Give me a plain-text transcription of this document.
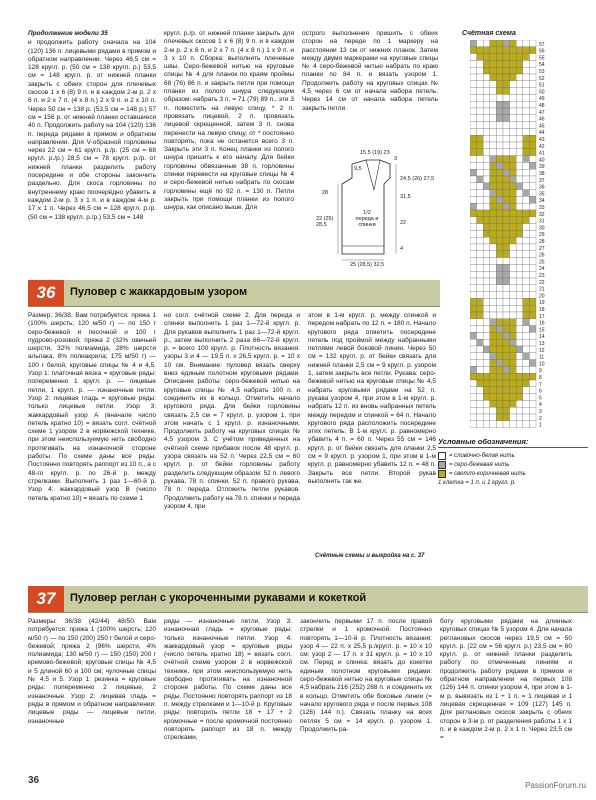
Продолжение модели 35

и продолжить работу сначала на 104 (120) 136 п. лицевыми рядами в прямом и обратном направлении. Через 46,5 см = 128 кругл. р. (50 см = 138 кругл. р.) 53,5 см = 148 кругл. р. от нижней планки закрыть с обеих сторон для плечевых скосов 1 x 6 (8) 9 п. и в каждом 2-м р. 2 x 6 п. и 2 x 7 п. (4 x 8 п.) 2 x 9 п. и 2 x 10 п. Через 50 см = 138 р. (53,5 см = 148 р.) 57 см = 156 р. от нижней планки оставшиеся 40 п. Продолжить работу на 104 (120) 136 п. переда рядами в прямом и обратном направлении. Для V-образной горловины через 22 см = 61 кругл. р./р. (25 см = 68 кругл. р./р.) 28,5 см = 78 кругл. р./р. от нижней планки разделить работу посередине и обе стороны закончить раздельно. Для скоса горловины по внутреннему краю поочерёдно убавить в каждом 2-м р. 3 x 1 п. и в каждом 4-м р. 17 x 1 п. Через 46,5 см = 128 кругл. р./р. (50 см = 138 кругл. р./р.) 53,5 см = 148

кругл. р./р. от нижней планки закрыть для плечевых скосов 1 x 6 (8) 9 п. и в каждом 2-м р. 2 x 6 п. и 2 x 7 п. (4 x 8 п.) 1 x 9 п. и 3 x 10 п. Сборка: выполнить плечевые швы. Серо-бежевой нитью на круговые спицы № 4 для планок по краям проймы 68 (76) 86 п. и закрыть петли при помощи планки из полого шнура следующим образом: набрать 3 п. = 71 (79) 89 п., эти 3 п. поместить на левую спицу, * 2 п. провязать лицевой, 2 п. провязать лицевой скрещенной, затем 3 п. снова перенести на левую спицу, от * постоянно повторять, пока не останется всего 3 п. Закрыть эти 3 п. Конец планки из полого шнура пришить к его началу. Для бейки горловины обвязанные 38 п. горловины спинки перевести на круговые спицы № 4 и серо-бежевой нитью набрать по скосам горловины ещё по 92 п. = 130 п. Петли закрыть при помощи планки из полого шнура, как описано выше. Для

острого выполнения пришить с обеих сторон на переде по 1 маркеру на расстоянии 13 см от нижних планок. Затем между двумя маркерами на круговые спицы № 4 серо-бежевой нитью набрать по краю планки по 84 п. и вязать узором 1. Продолжить работу на круговых спицах № 4,5 через 6 см от начала набора петель. Через 14 см от начала набора петель закрыть петли.

15,5 (19) 23
9,5
3
24,5 (26) 27,5
28
31,5
22 (25) 28,5	22
4
1/2 переда и спинки
25 (28,5) 32,5
36	Пуловер с жаккардовым узором

Размер: 36/38. Вам потребуется: пряжа 1 (100% шерсть; 120 м/50 г) — по 150 г серо-бежевой и песочной и 100 г пудрово-розовой; пряжа 2 (32% овечьей шерсти, 32% полиамида, 28% шерсти альпака, 8% полиакрила; 175 м/50 г) — 100 г белой; круговые спицы № 4 и 4,5. Узор 1: платочная вязка = круговые ряды: попеременно 1 кругл. р. — лицевые петли, 1 кругл. р. — изнаночные петли. Узор 2: лицевая гладь = круговые ряды: только лицевые петли. Узор 3: жаккардовый узор А (вначале число петель кратно 10) = вязать согл. счётной схеме 1 узором 2 в норвежской технике, при этом неиспользуемую нить свободно протягивать на изнаночной стороне работы. По схеме даны все ряды. Постоянно повторять раппорт из 10 п., а с 48-го кругл. р. по 26-й р. между стрелками. Выполнить 1 раз 1—60-й р. Узор 4: жаккардовый узор В (число петель кратно 10) = вязать по схеме 1

но согл. счётной схеме 2. Для переда и спинки выполнить 1 раз 1—72-й кругл. р. Для рукавов выполнить 1 раз 1—72-й кругл. р., затем выполнить 2 раза 66—72-й кругл. р. = всего 100 кругл. р. Плотность вязания: узоры 3 и 4 — 19,5 п. x 26,5 кругл. р. = 10 x 10 см. Внимание: пуловер вязать сверху вниз единым полотном круговыми рядами. Описание работы: серо-бежевой нитью на круговые спицы № 4,5 набрать 100 п. и соединить их в кольцо. Отметить начало кругового ряда. Для бейки горловины связать 2,5 см = 7 кругл. р. узором 1, при этом начать с 1 кругл. р. изнаночными. Продолжить работу на круговых спицах № 4,5 узором 3. С учётом приведенных на счётной схеме прибавок после 48 кругл. р. узора связать на 52 п. Через 22,5 см = 60 кругл. р. от бейки горловины работу разделить следующим образом: 52 п. левого рукава, 78 п. спинки, 52 п. правого рукава, 78 п. переда. Отложить петли рукавов. Продолжить работу на 78 п. спинки и переда узором 4, при

этом в 1-м кругл. р. между спинкой и передом набрать по 12 п. = 180 п. Начало кругового ряда отметить посередине петель под проймой между набранными петлями левой боковой линии. Через 50 см = 132 кругл. р. от бейки связать для нижней планки 2,5 см = 9 кругл. р. узором 1, затем закрыть все петли. Рукава: серо-бежевой нитью на круговые спицы № 4,5 набрать круговыми рядами на 52 п. рукава узором 4, при этом в 1-м кругл. р. набрать 12 п. из вновь набранных петель между передом и спинкой = 64 п. Начало кругового ряда расположить посередине этих петель. В 1-м кругл. р. равномерно убавить 4 п. = 60 п. Через 55 см = 146 кругл. р. от бейки связать для планки 2,5 см = 9 кругл. р. узором 1, при этом в 1-м кругл. р. равномерно убавить 12 п. = 48 п. Закрыть все петли. Второй рукав выполнить так же.

Счётные схемы и выкройка на с. 37
Счётная схема
57
56
55
54
53
52
51
50
49
48
47
46
45
44
43
42
41
40
39
38
37
36
35
34
33
32
31
30
29
28
27
26
25
24
23
22
21
20
19
18
17
16
15
14
13
12
11
10
9
8
7
6
5
4
3
2
1
Условные обозначения:
= сливочно-белая нить
= серо-бежевая нить
= светло-коричневая нить
1 клетка = 1 п. и 1 кругл. р.
37	Пуловер реглан с укороченными рукавами и кокеткой

Размеры: 36/38 (42/44) 48/50. Вам потребуется: пряжа 1 (100% шерсть; 120 м/50 г) — по 150 (200) 250 г белой и серо-бежевой; пряжа 2 (96% шерсти, 4% полиамида; 130 м/50 г) — 150 (150) 200 г кремово-бежевой; круговые спицы № 4,5 и 5 длиной 60 и 100 см; чулочные спицы № 4,5 и 5. Узор 1: резинка = круговые ряды: попеременно 2 лицевые, 2 изнаночные. Узор 2: лицевая гладь = ряды в прямом и обратном направлении: лицевые ряды — лицевые петли, изнаночные

ряды — изнаночные петли. Узор 3: изнаночная гладь = круговые ряды: только изнаночные петли. Узор 4: жаккардовый узор = круговые ряды (число петель кратно 18) = вязать согл. счётной схеме узором 2 в норвежской технике, при этом неиспользуемую нить свободно протягивать на изнаночной стороне работы. По схеме даны все ряды. Постоянно повторять раппорт из 18 п. между стрелками и 1—10-й р. Круговые ряды: повторить петли 18 + 17 + 2 кромочные = после кромочной постоянно повторять раппорт из 18 п. между стрелками,

закончить первыми 17 п. после правой стрелки и 1 кромочной. Постоянно повторять 1—10-й р. Плотность вязания: узор 4 — 22 п. x 25,5 р./кругл. р. = 10 x 10 см; узор 2 — 17 п. x 31 кругл. р. = 10 x 10 см. Перед и спинка: вязать до кокетки единым полотном круговыми рядами: серо-бежевой нитью на круговые спицы № 4,5 набрать 216 (252) 288 п. и соединить их в кольцо. Отметить обе боковые линии (= начало кругового ряда и после первых 108 (126) 144 п.). Связать планку на всех петлях 5 см = 14 кругл. р. узором 1. Продолжить ра-

боту круговыми рядами на длинных круговых спицах № 5 узором 4. Для начала реглановых скосов через 19,5 см = 50 кругл. р. (22 см = 56 кругл. р.) 23,5 см = 60 кругл. р. от нижней планки разделить работу по отмеченным линиям и продолжить работу рядами в прямом и обратном направлении на первых 108 (126) 144 п. спинки узором 4, при этом в 1-м р. вывязать из 1 + 1 п. = 1 лицевая и 1 лицевая скрещенная = 109 (127) 145 п. Для реглановых скосов закрыть с обеих сторон в 3-м р. от разделения работы 1 x 1 п. и в каждом 2-м р. 2 x 1 п. Через 23,5 см =

36	PassionForum.ru
